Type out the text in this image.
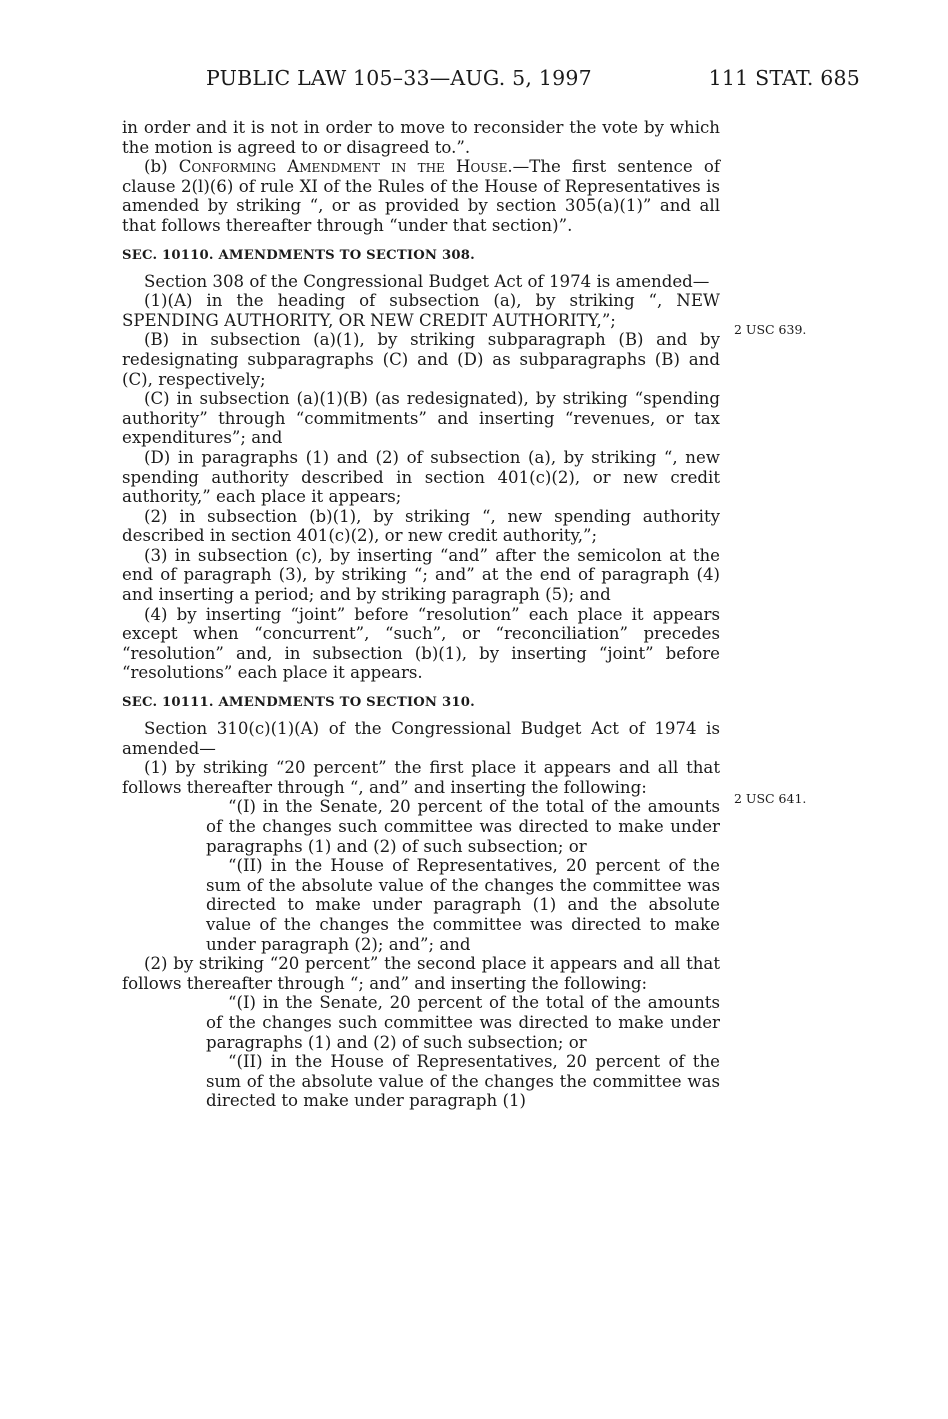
PUBLIC LAW 105–33—AUG. 5, 1997	111 STAT. 685
2 USC 639.
2 USC 641.

in order and it is not in order to move to reconsider the vote by which the motion is agreed to or disagreed to.”.

(b) Conforming Amendment in the House.—The first sentence of clause 2(l)(6) of rule XI of the Rules of the House of Representatives is amended by striking “, or as provided by section 305(a)(1)” and all that follows thereafter through “under that section)”.

SEC. 10110. AMENDMENTS TO SECTION 308.

Section 308 of the Congressional Budget Act of 1974 is amended—

(1)(A) in the heading of subsection (a), by striking “, NEW SPENDING AUTHORITY, OR NEW CREDIT AUTHORITY,”;

(B) in subsection (a)(1), by striking subparagraph (B) and by redesignating subparagraphs (C) and (D) as subparagraphs (B) and (C), respectively;

(C) in subsection (a)(1)(B) (as redesignated), by striking “spending authority” through “commitments” and inserting “revenues, or tax expenditures”; and

(D) in paragraphs (1) and (2) of subsection (a), by striking “, new spending authority described in section 401(c)(2), or new credit authority,” each place it appears;

(2) in subsection (b)(1), by striking “, new spending authority described in section 401(c)(2), or new credit authority,”;

(3) in subsection (c), by inserting “and” after the semicolon at the end of paragraph (3), by striking “; and” at the end of paragraph (4) and inserting a period; and by striking paragraph (5); and

(4) by inserting “joint” before “resolution” each place it appears except when “concurrent”, “such”, or “reconciliation” precedes “resolution” and, in subsection (b)(1), by inserting “joint” before “resolutions” each place it appears.

SEC. 10111. AMENDMENTS TO SECTION 310.

Section 310(c)(1)(A) of the Congressional Budget Act of 1974 is amended—

(1) by striking “20 percent” the first place it appears and all that follows thereafter through “, and” and inserting the following:

“(I) in the Senate, 20 percent of the total of the amounts of the changes such committee was directed to make under paragraphs (1) and (2) of such subsection; or

“(II) in the House of Representatives, 20 percent of the sum of the absolute value of the changes the committee was directed to make under paragraph (1) and the absolute value of the changes the committee was directed to make under paragraph (2); and”; and

(2) by striking “20 percent” the second place it appears and all that follows thereafter through “; and” and inserting the following:

“(I) in the Senate, 20 percent of the total of the amounts of the changes such committee was directed to make under paragraphs (1) and (2) of such subsection; or

“(II) in the House of Representatives, 20 percent of the sum of the absolute value of the changes the committee was directed to make under paragraph (1)
